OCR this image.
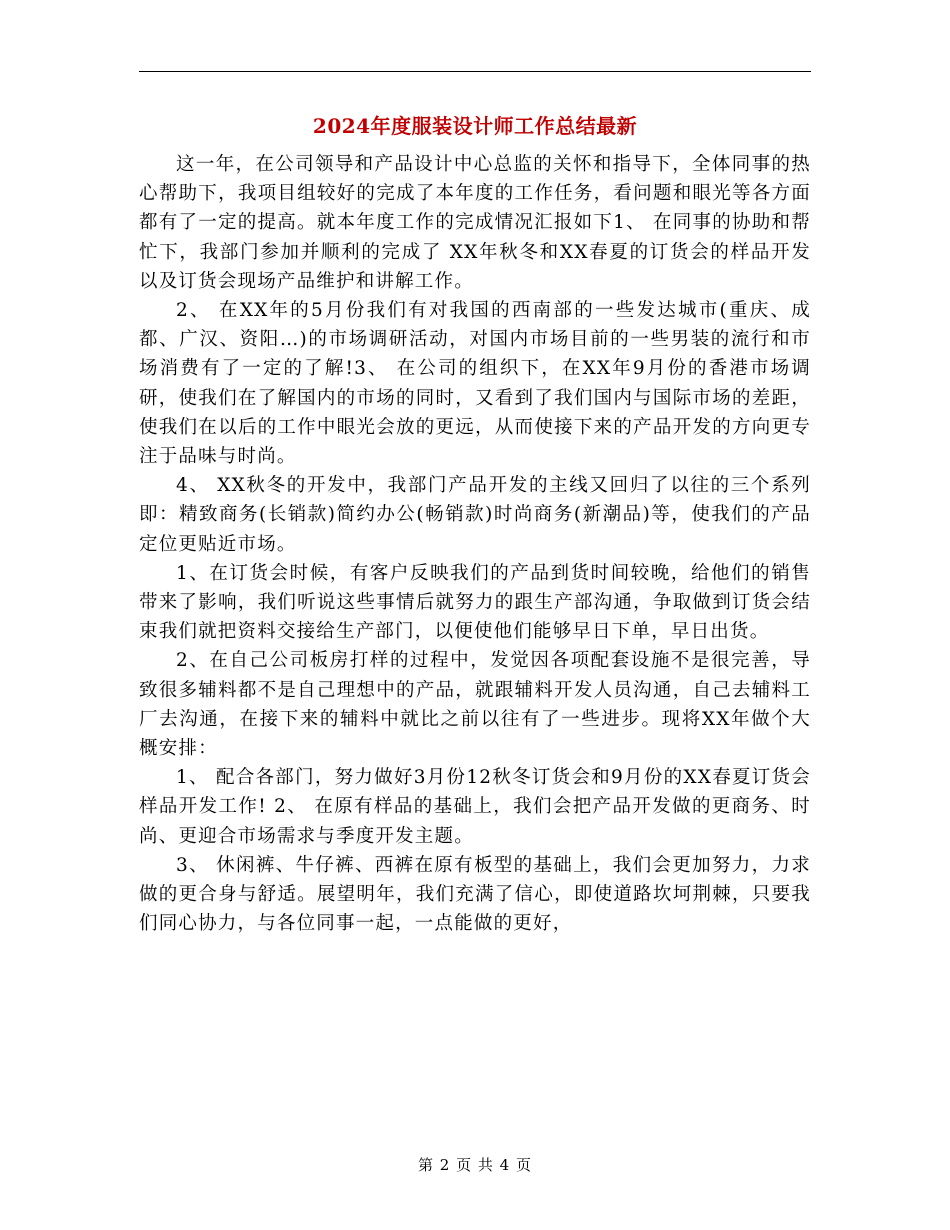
2024年度服装设计师工作总结最新

这一年，在公司领导和产品设计中心总监的关怀和指导下，全体同事的热心帮助下，我项目组较好的完成了本年度的工作任务，看问题和眼光等各方面都有了一定的提高。就本年度工作的完成情况汇报如下1、 在同事的协助和帮忙下，我部门参加并顺利的完成了 XX年秋冬和XX春夏的订货会的样品开发以及订货会现场产品维护和讲解工作。

2、 在XX年的5月份我们有对我国的西南部的一些发达城市(重庆、成都、广汉、资阳…)的市场调研活动，对国内市场目前的一些男装的流行和市场消费有了一定的了解!3、 在公司的组织下，在XX年9月份的香港市场调研，使我们在了解国内的市场的同时，又看到了我们国内与国际市场的差距，使我们在以后的工作中眼光会放的更远，从而使接下来的产品开发的方向更专注于品味与时尚。

4、 XX秋冬的开发中，我部门产品开发的主线又回归了以往的三个系列即：精致商务(长销款)简约办公(畅销款)时尚商务(新潮品)等，使我们的产品定位更贴近市场。

1、在订货会时候，有客户反映我们的产品到货时间较晚，给他们的销售带来了影响，我们听说这些事情后就努力的跟生产部沟通，争取做到订货会结束我们就把资料交接给生产部门，以便使他们能够早日下单，早日出货。

2、在自己公司板房打样的过程中，发觉因各项配套设施不是很完善，导致很多辅料都不是自己理想中的产品，就跟辅料开发人员沟通，自己去辅料工厂去沟通，在接下来的辅料中就比之前以往有了一些进步。现将XX年做个大概安排：

1、 配合各部门，努力做好3月份12秋冬订货会和9月份的XX春夏订货会样品开发工作! 2、 在原有样品的基础上，我们会把产品开发做的更商务、时尚、更迎合市场需求与季度开发主题。

3、 休闲裤、牛仔裤、西裤在原有板型的基础上，我们会更加努力，力求做的更合身与舒适。展望明年，我们充满了信心，即使道路坎坷荆棘，只要我们同心协力，与各位同事一起，一点能做的更好，

第 2 页 共 4 页
